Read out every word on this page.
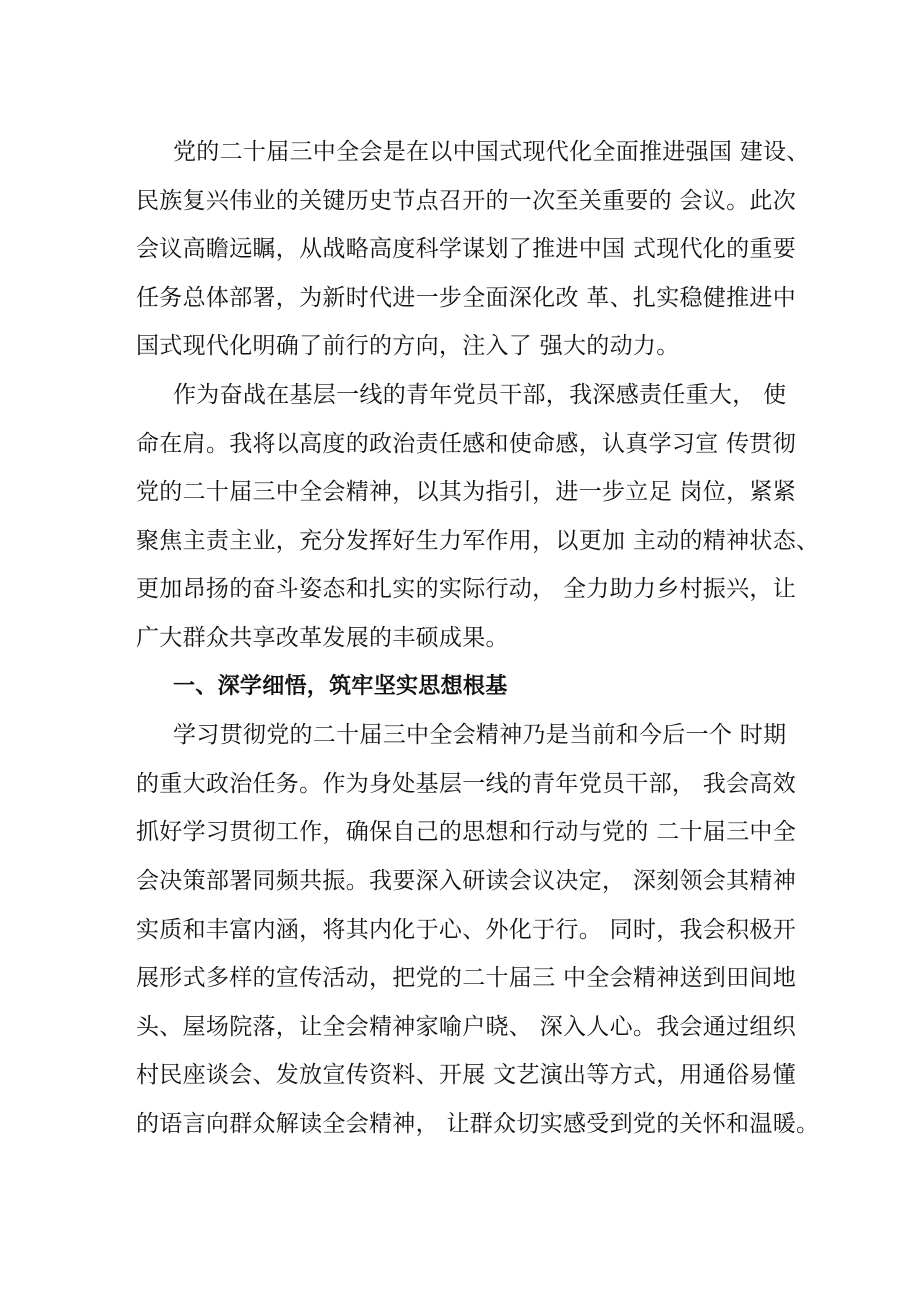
党的二十届三中全会是在以中国式现代化全面推进强国 建设、
民族复兴伟业的关键历史节点召开的一次至关重要的 会议。此次
会议高瞻远瞩，从战略高度科学谋划了推进中国 式现代化的重要
任务总体部署，为新时代进一步全面深化改 革、扎实稳健推进中
国式现代化明确了前行的方向，注入了 强大的动力。
作为奋战在基层一线的青年党员干部，我深感责任重大， 使
命在肩。我将以高度的政治责任感和使命感，认真学习宣 传贯彻
党的二十届三中全会精神，以其为指引，进一步立足 岗位，紧紧
聚焦主责主业，充分发挥好生力军作用，以更加 主动的精神状态、
更加昂扬的奋斗姿态和扎实的实际行动， 全力助力乡村振兴，让
广大群众共享改革发展的丰硕成果。
一、深学细悟，筑牢坚实思想根基
学习贯彻党的二十届三中全会精神乃是当前和今后一个 时期
的重大政治任务。作为身处基层一线的青年党员干部， 我会高效
抓好学习贯彻工作，确保自己的思想和行动与党的 二十届三中全
会决策部署同频共振。我要深入研读会议决定， 深刻领会其精神
实质和丰富内涵，将其内化于心、外化于行。 同时，我会积极开
展形式多样的宣传活动，把党的二十届三 中全会精神送到田间地
头、屋场院落，让全会精神家喻户晓、 深入人心。我会通过组织
村民座谈会、发放宣传资料、开展 文艺演出等方式，用通俗易懂
的语言向群众解读全会精神， 让群众切实感受到党的关怀和温暖。
